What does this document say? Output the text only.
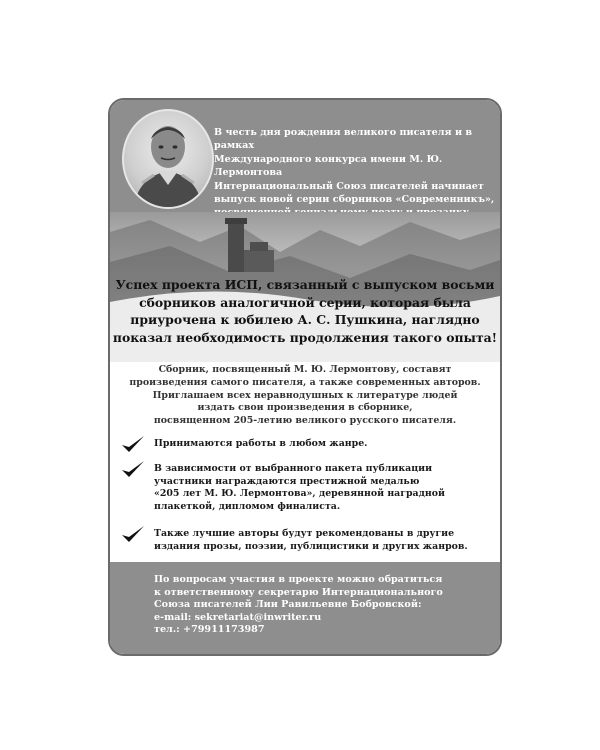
В честь дня рождения великого писателя и в рамках
Международного конкурса имени М. Ю. Лермонтова
Интернациональный Союз писателей начинает
выпуск новой серии сборников «Современникъ»,
Успех проекта ИСП, связанный с выпуском восьми
сборников аналогичной серии, которая была
приурочена к юбилею А. С. Пушкина, наглядно
показал необходимость продолжения такого опыта!
Сборник, посвященный М. Ю. Лермонтову, составят
произведения самого писателя, а также современных авторов.
Приглашаем всех неравнодушных к литературе людей
издать свои произведения в сборнике,
посвященном 205-летию великого русского писателя.
Принимаются работы в любом жанре.
В зависимости от выбранного пакета публикации
участники награждаются престижной медалью
«205 лет М. Ю. Лермонтова», деревянной наградной
плакеткой, дипломом финалиста.
Также лучшие авторы будут рекомендованы в другие
издания прозы, поэзии, публицистики и других жанров.
По вопросам участия в проекте можно обратиться
к ответственному секретарю Интернационального
Союза писателей Лии Равильевне Бобровской:
e-mail: sekretariat@inwriter.ru
тел.: +79911173987
